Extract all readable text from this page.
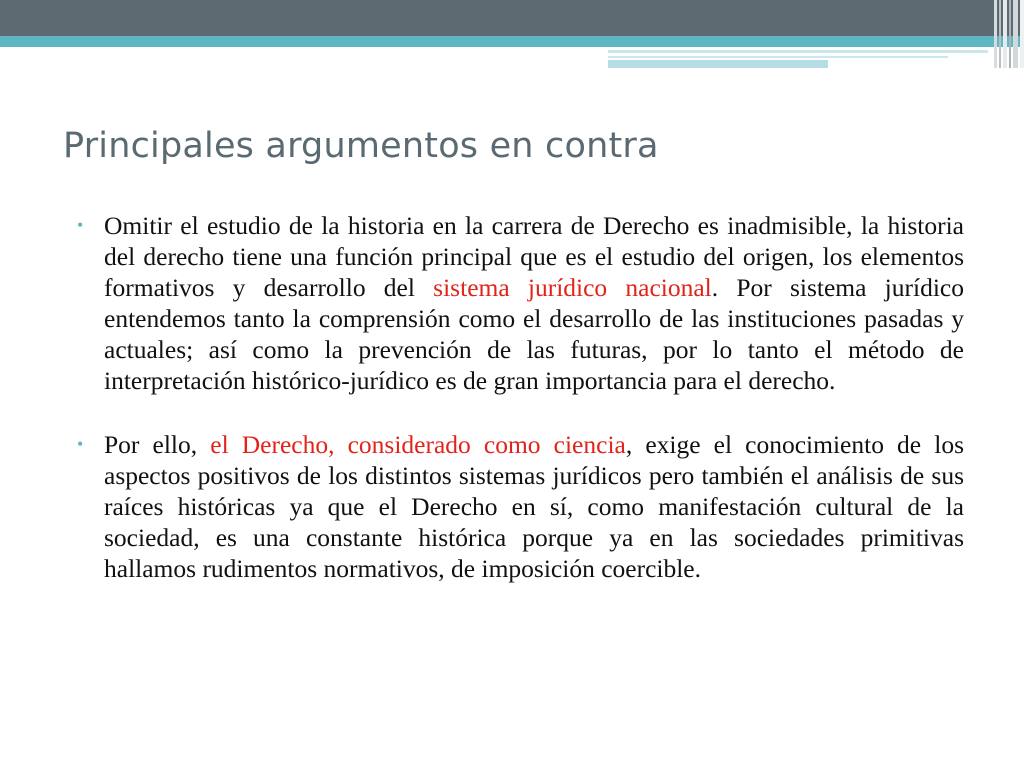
Principales argumentos en contra
• Omitir el estudio de la historia en la carrera de Derecho es inadmisible, la historia del derecho tiene una función principal que es el estudio del origen, los elementos formativos y desarrollo del sistema jurídico nacional. Por sistema jurídico entendemos tanto la comprensión como el desarrollo de las instituciones pasadas y actuales; así como la prevención de las futuras, por lo tanto el método de interpretación histórico-jurídico es de gran importancia para el derecho.
• Por ello, el Derecho, considerado como ciencia, exige el conocimiento de los aspectos positivos de los distintos sistemas jurídicos pero también el análisis de sus raíces históricas ya que el Derecho en sí, como manifestación cultural de la sociedad, es una constante histórica porque ya en las sociedades primitivas hallamos rudimentos normativos, de imposición coercible.
